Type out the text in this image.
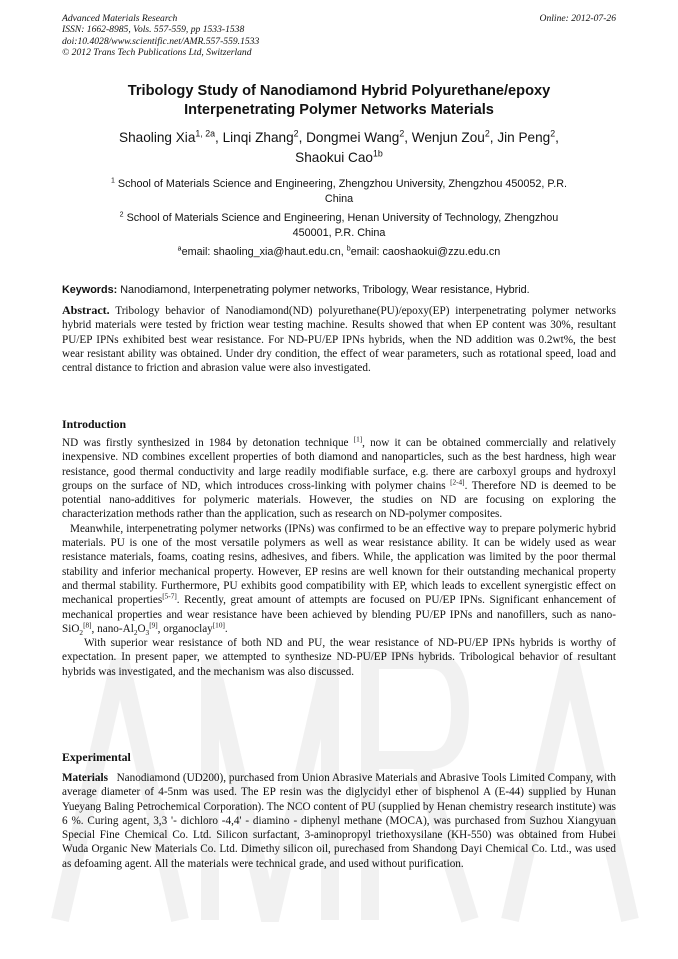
Advanced Materials Research
ISSN: 1662-8985, Vols. 557-559, pp 1533-1538
doi:10.4028/www.scientific.net/AMR.557-559.1533
© 2012 Trans Tech Publications Ltd, Switzerland
Online: 2012-07-26
Tribology Study of Nanodiamond Hybrid Polyurethane/epoxy
Interpenetrating Polymer Networks Materials
Shaoling Xia$^{1, 2a}$, Linqi Zhang$^2$, Dongmei Wang$^2$, Wenjun Zou$^2$, Jin Peng$^2$,
Shaokui Cao$^{1b}$
$^1$ School of Materials Science and Engineering, Zhengzhou University, Zhengzhou 450052, P.R.
China
$^2$ School of Materials Science and Engineering, Henan University of Technology, Zhengzhou
450001, P.R. China
$^a$email: shaoling_xia@haut.edu.cn, $^b$email: caoshaokui@zzu.edu.cn
Keywords: Nanodiamond, Interpenetrating polymer networks, Tribology, Wear resistance, Hybrid.
Abstract. Tribology behavior of Nanodiamond(ND) polyurethane(PU)/epoxy(EP) interpenetrating polymer networks hybrid materials were tested by friction wear testing machine. Results showed that when EP content was 30%, resultant PU/EP IPNs exhibited best wear resistance. For ND-PU/EP IPNs hybrids, when the ND addition was 0.2wt%, the best wear resistant ability was obtained. Under dry condition, the effect of wear parameters, such as rotational speed, load and central distance to friction and abrasion value were also investigated.
Introduction

ND was firstly synthesized in 1984 by detonation technique [1], now it can be obtained commercially and relatively inexpensive. ND combines excellent properties of both diamond and nanoparticles, such as the best hardness, high wear resistance, good thermal conductivity and large readily modifiable surface, e.g. there are carboxyl groups and hydroxyl groups on the surface of ND, which introduces cross-linking with polymer chains [2-4]. Therefore ND is deemed to be potential nano-additives for polymeric materials. However, the studies on ND are focusing on exploring the characterization methods rather than the application, such as research on ND-polymer composites.

Meanwhile, interpenetrating polymer networks (IPNs) was confirmed to be an effective way to prepare polymeric hybrid materials. PU is one of the most versatile polymers as well as wear resistance ability. It can be widely used as wear resistance materials, foams, coating resins, adhesives, and fibers. While, the application was limited by the poor thermal stability and inferior mechanical property. However, EP resins are well known for their outstanding mechanical property and thermal stability. Furthermore, PU exhibits good compatibility with EP, which leads to excellent synergistic effect on mechanical properties[5-7]. Recently, great amount of attempts are focused on PU/EP IPNs. Significant enhancement of mechanical properties and wear resistance have been achieved by blending PU/EP IPNs and nanofillers, such as nano-SiO$_2$[8], nano-$Al_2O_3[9]$, organoclay[10].

With superior wear resistance of both ND and PU, the wear resistance of ND-PU/EP IPNs hybrids is worthy of expectation. In present paper, we attempted to synthesize ND-PU/EP IPNs hybrids. Tribological behavior of resultant hybrids was investigated, and the mechanism was also discussed.

Experimental
Materials   Nanodiamond (UD200), purchased from Union Abrasive Materials and Abrasive Tools Limited Company, with average diameter of 4-5nm was used. The EP resin was the diglycidyl ether of bisphenol A (E-44) supplied by Hunan Yueyang Baling Petrochemical Corporation). The NCO content of PU (supplied by Henan chemistry research institute) was 6 %. Curing agent, 3,3 '- dichloro -4,4' - diamino - diphenyl methane (MOCA), was purchased from Suzhou Xiangyuan Special Fine Chemical Co. Ltd. Silicon surfactant, 3-aminopropyl triethoxysilane (KH-550) was obtained from Hubei Wuda Organic New Materials Co. Ltd. Dimethy silicon oil, purechased from Shandong Dayi Chemical Co. Ltd., was used as defoaming agent. All the materials were technical grade, and used without purification.
